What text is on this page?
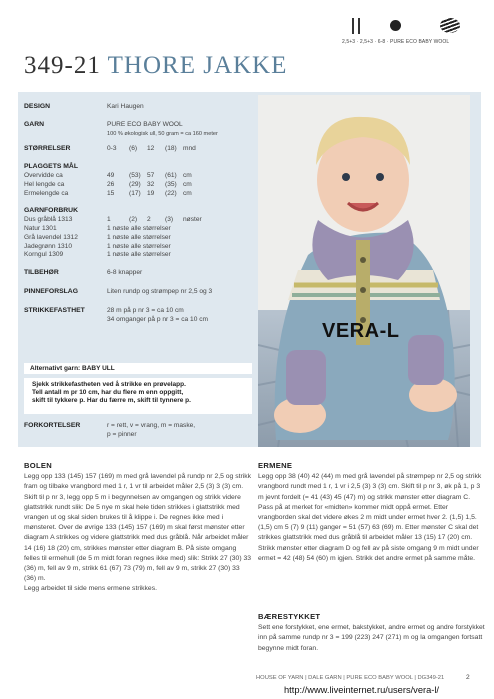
2,5+3 · 2,5+3 · 6-8 · PURE ECO BABY WOOL
349-21 THORE JAKKE
DESIGN	Kari Haugen
GARN	PURE ECO BABY WOOL
100 % økologisk ull, 50 gram = ca 160 meter
STØRRELSER	0-3 (6) 12 (18) mnd
PLAGGETS MÅL
Overvidde ca	49 (53) 57 (61) cm
Hel lengde ca	26 (29) 32 (35) cm
Ermelengde ca	15 (17) 19 (22) cm
GARNFORBRUK
Dus gråblå 1313	1	(2) 2 (3) nøster
Natur 1301	1 nøste alle størrelser
Grå lavendel 1312	1 nøste alle størrelser
Jadegrønn 1310	1 nøste alle størrelser
Korngul 1309	1 nøste alle størrelser
TILBEHØR	6-8 knapper
PINNEFORSLAG	Liten rundp og strømpep nr 2,5 og 3
STRIKKEFASTHET	28 m på p nr 3 = ca 10 cm
34 omganger på p nr 3 = ca 10 cm
Alternativt garn: BABY ULL
Sjekk strikkefastheten ved å strikke en prøvelapp.
Tell antall m pr 10 cm, har du flere m enn oppgitt,
skift til tykkere p. Har du færre m, skift til tynnere p.
FORKORTELSER	r = rett, v = vrang, m = maske,
p = pinner
VERA-L
BOLEN

Legg opp 133 (145) 157 (169) m med grå lavendel på rundp nr 2,5 og strikk fram og tilbake vrangbord med 1 r, 1 vr til arbeidet måler 2,5 (3) 3 (3) cm.

Skift til p nr 3, legg opp 5 m i begynnelsen av omgangen og strikk videre glattstrikk rundt slik: De 5 nye m skal hele tiden strikkes i glattstrikk med vrangen ut og skal siden brukes til å klippe i. De regnes ikke med i mønsteret. Over de øvrige 133 (145) 157 (169) m skal først mønster etter diagram A strikkes og videre glattstrikk med dus gråblå. Når arbeidet måler 14 (16) 18 (20) cm, strikkes mønster etter diagram B. På siste omgang felles til ermehull (de 5 m midt foran regnes ikke med) slik: Strikk 27 (30) 33 (36) m, fell av 9 m, strikk 61 (67) 73 (79) m, fell av 9 m, strikk 27 (30) 33 (36) m.

Legg arbeidet til side mens ermene strikkes.

ERMENE

Legg opp 38 (40) 42 (44) m med grå lavendel på strømpep nr 2,5 og strikk vrangbord rundt med 1 r, 1 vr i 2,5 (3) 3 (3) cm. Skift til p nr 3, øk på 1, p 3 m jevnt fordelt (= 41 (43) 45 (47) m) og strikk mønster etter diagram C. Pass på at merket for «midten» kommer midt oppå ermet. Etter vrangborden skal det videre økes 2 m midt under ermet hver 2. (1,5) 1,5. (1,5) cm 5 (7) 9 (11) ganger = 51 (57) 63 (69) m. Etter mønster C skal det strikkes glattstrikk med dus gråblå til arbeidet måler 13 (15) 17 (20) cm. Strikk mønster etter diagram D og fell av på siste omgang 9 m midt under ermet = 42 (48) 54 (60) m igjen. Strikk det andre ermet på samme måte.

BÆRESTYKKET

Sett ene forstykket, ene ermet, bakstykket, andre ermet og andre forstykket inn på samme rundp nr 3 = 199 (223) 247 (271) m og la omgangen fortsatt begynne midt foran.

HOUSE OF YARN | DALE GARN | PURE ECO BABY WOOL | DG349-21	2
http://www.liveinternet.ru/users/vera-l/
